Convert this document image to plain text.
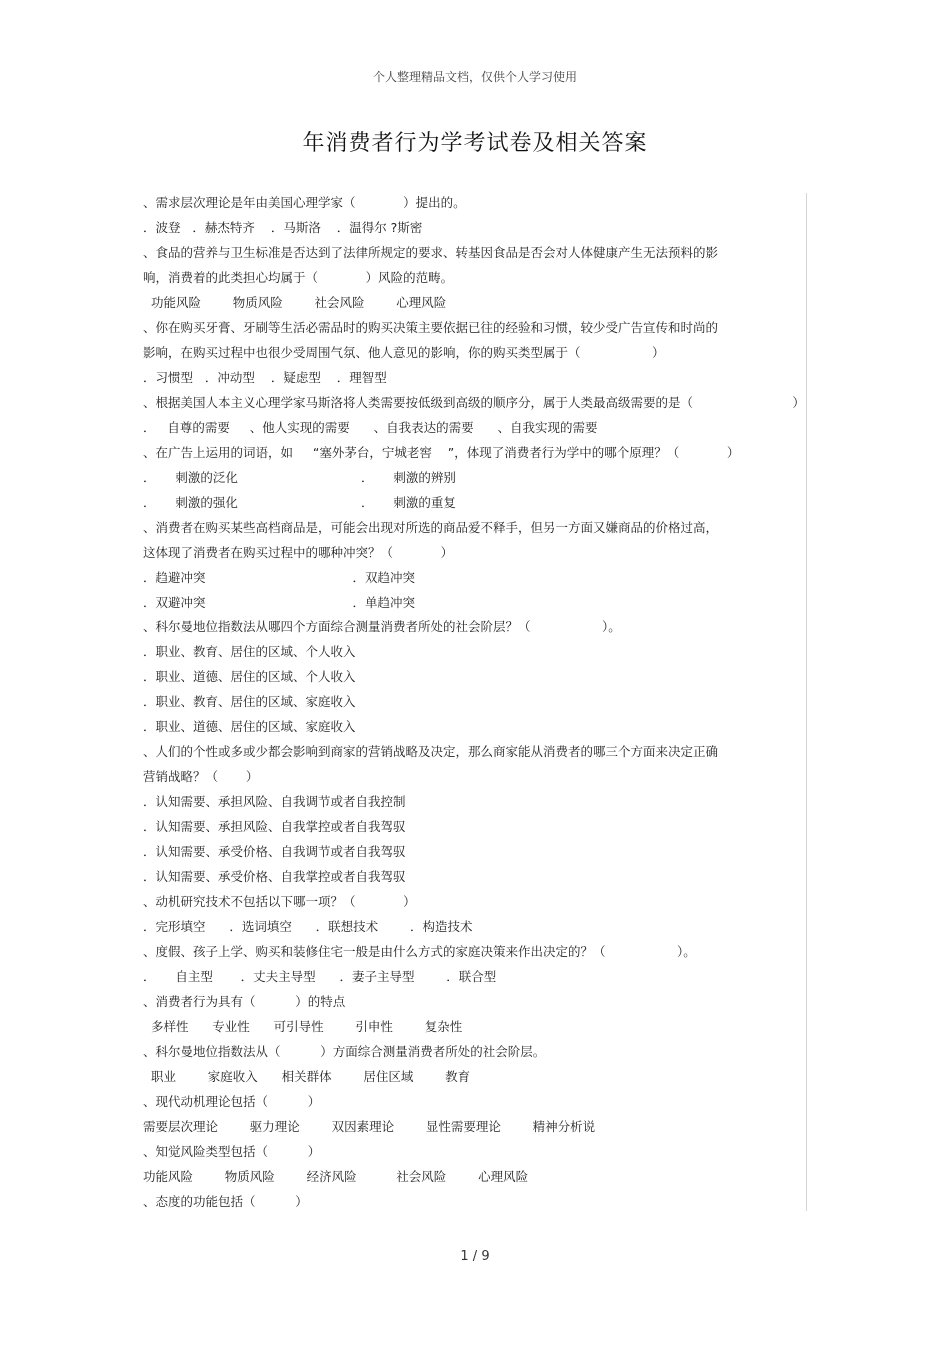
个人整理精品文档，仅供个人学习使用
年消费者行为学考试卷及相关答案
、需求层次理论是年由美国心理学家（            ）提出的。
．波登   ．赫杰特齐    ．马斯洛    ．温得尔 ?斯密
、食品的营养与卫生标准是否达到了法律所规定的要求、转基因食品是否会对人体健康产生无法预料的影
响，消费着的此类担心均属于（            ）风险的范畴。
功能风险        物质风险        社会风险        心理风险
、你在购买牙膏、牙刷等生活必需品时的购买决策主要依据已往的经验和习惯，较少受广告宣传和时尚的
影响，在购买过程中也很少受周围气氛、他人意见的影响，你的购买类型属于（                  ）
．习惯型   ．冲动型    ．疑虑型    ．理智型
、根据美国人本主义心理学家马斯洛将人类需要按低级到高级的顺序分，属于人类最高级需要的是（                         ）
．   自尊的需要     、他人实现的需要      、自我表达的需要      、自我实现的需要
、在广告上运用的词语，如     “塞外茅台，宁城老窖    ”，体现了消费者行为学中的哪个原理？（            ）
．     刺激的泛化                               ．     刺激的辨别
．     刺激的强化                               ．     刺激的重复
、消费者在购买某些高档商品是，可能会出现对所选的商品爱不释手，但另一方面又嫌商品的价格过高，
这体现了消费者在购买过程中的哪种冲突？（            ）
．趋避冲突                                     ．双趋冲突
．双避冲突                                     ．单趋冲突
、科尔曼地位指数法从哪四个方面综合测量消费者所处的社会阶层？（                  ）。
．职业、教育、居住的区域、个人收入
．职业、道德、居住的区域、个人收入
．职业、教育、居住的区域、家庭收入
．职业、道德、居住的区域、家庭收入
、人们的个性或多或少都会影响到商家的营销战略及决定，那么商家能从消费者的哪三个方面来决定正确
营销战略？（       ）
．认知需要、承担风险、自我调节或者自我控制
．认知需要、承担风险、自我掌控或者自我驾驭
．认知需要、承受价格、自我调节或者自我驾驭
．认知需要、承受价格、自我掌控或者自我驾驭
、动机研究技术不包括以下哪一项？（            ）
．完形填空      ．选词填空      ．联想技术        ．构造技术
、度假、孩子上学、购买和装修住宅一般是由什么方式的家庭决策来作出决定的？（                  ）。
．     自主型       ．丈夫主导型      ．妻子主导型        ．联合型
、消费者行为具有（          ）的特点
多样性      专业性      可引导性        引申性        复杂性
、科尔曼地位指数法从（          ）方面综合测量消费者所处的社会阶层。
职业        家庭收入      相关群体        居住区域        教育
、现代动机理论包括（          ）
需要层次理论        驱力理论        双因素理论        显性需要理论        精神分析说
、知觉风险类型包括（          ）
功能风险        物质风险        经济风险          社会风险        心理风险
、态度的功能包括（          ）
1 / 9
